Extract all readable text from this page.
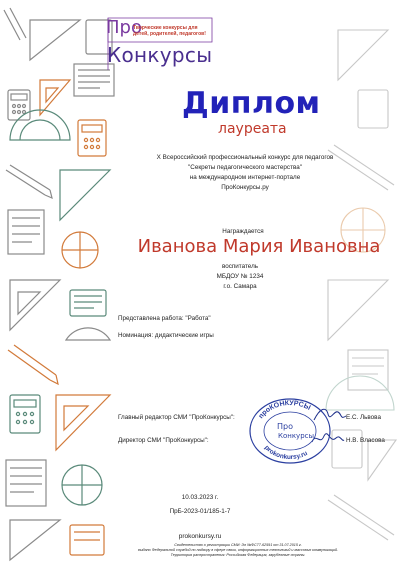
Про
Творческие конкурсы для
детей, родителей, педагогов!
Конкурсы
Диплом
лауреата
X Всероссийский профессиональный конкурс для педагогов
"Секреты педагогического мастерства"
на международном интернет-портале
ПроКонкурсы.ру
Награждается
Иванова Мария Ивановна
воспитатель
МБДОУ № 1234
г.о. Самара
Представлена работа: "Работа"
Номинация: дидактические игры
Главный редактор СМИ "ПроКонкурсы":	Е.С. Львова
Директор СМИ "ПроКонкурсы":	Н.В. Власова
проКОНКУРСЫ
prokonkursy.ru
Про
Конкурсы
10.03.2023 г.
ПрБ-2023-01/185-1-7
prokonkursy.ru
Свидетельство о регистрации СМИ: Эл №ФС77-62591 от 31.07.2015 г.
выдано Федеральной службой по надзору в сфере связи, информационных технологий и массовых коммуникаций.
Территория распространения: Российская Федерация, зарубежные страны.
